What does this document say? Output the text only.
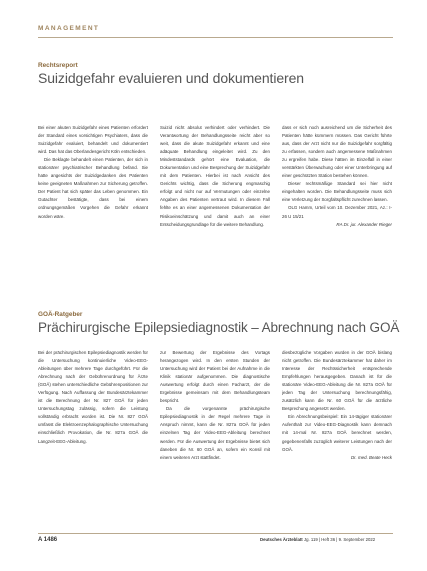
MANAGEMENT
Rechtsreport
Suizidgefahr evaluieren und dokumentieren

Bei einer akuten Suizidgefahr eines Patienten erfordert der Standard eines vorsichtigen Psychiaters, dass die Suizidgefahr evaluiert, behandelt und dokumentiert wird. Das hat das Oberlandesgericht Köln entschieden.

Die Beklagte behandelt einen Patienten, der sich in stationärer psychiatrischer Behandlung befand. Sie hatte angesichts der Suizidgedanken des Patienten keine geeigneten Maßnahmen zur Sicherung getroffen. Der Patient hat sich später das Leben genommen. Ein Gutachter bestätigte, dass bei einem ordnungsgemäßen Vorgehen die Gefahr erkannt worden wäre.

Suizid nicht absolut verhindert oder verhindert. Die Verantwortung der Behandlungsseite reicht aber so weit, dass die akute Suizidgefahr erkannt und eine adäquate Behandlung eingeleitet wird. Zu den Mindeststandards gehört eine Evaluation, die Dokumentation und eine Besprechung der Suizidgefahr mit dem Patienten. Hierbei ist nach Ansicht des Gerichts wichtig, dass die Sicherung engmaschig erfolgt und nicht nur auf Vermutungen oder einzelne Angaben des Patienten vertraut wird. In diesem Fall fehlte es an einer angemessenen Dokumentation der Risikoeinschätzung und damit auch an einer Entscheidungsgrundlage für die weitere Behandlung.

dass er sich noch ausreichend um die Sicherheit des Patienten hätte kümmern müssen. Das Gericht führte aus, dass der Arzt nicht nur die Suizidgefahr sorgfältig zu erfassen, sondern auch angemessene Maßnahmen zu ergreifen habe. Diese hätten im Einzelfall in einer verstärkten Überwachung oder einer Unterbringung auf einer geschützten Station bestehen können.

Dieser rechtsmäßige Standard sei hier nicht eingehalten worden. Die Behandlungsseite muss sich eine Verletzung der Sorgfaltspflicht zurechnen lassen.

OLG Hamm, Urteil vom 10. Dezember 2021, Az.: I-26 U 15/21

RA Dr. jur. Alexander Rieger

GOÄ-Ratgeber
Prächirurgische Epilepsiediagnostik – Abrechnung nach GOÄ

Bei der prächirurgischen Epilepsiediagnostik werden für die Untersuchung kontinuierliche Video-EEG-Ableitungen über mehrere Tage durchgeführt. Für die Abrechnung nach der Gebührenordnung für Ärzte (GOÄ) stehen unterschiedliche Gebührenpositionen zur Verfügung. Nach Auffassung der Bundesärztekammer ist die Berechnung der Nr. 827 GOÄ für jeden Untersuchungstag zulässig, sofern die Leistung vollständig erbracht worden ist. Die Nr. 827 GOÄ umfasst die Elektroenzephalographische Untersuchung einschließlich Provokation, die Nr. 827a GOÄ die Langzeit-EEG-Ableitung.

zur Bewertung der Ergebnisse des Vortags herangezogen wird. In den ersten Stunden der Untersuchung wird der Patient bei der Aufnahme in die Klinik stationär aufgenommen. Die diagnostische Auswertung erfolgt durch einen Facharzt, der die Ergebnisse gemeinsam mit dem Behandlungsteam bespricht.

Da die vorgenannte prächirurgische Epilepsiediagnostik in der Regel mehrere Tage in Anspruch nimmt, kann die Nr. 827a GOÄ für jeden einzelnen Tag der Video-EEG-Ableitung berechnet werden. Für die Auswertung der Ergebnisse bietet sich daneben die Nr. 60 GOÄ an, sofern ein Konsil mit einem weiteren Arzt stattfindet.

diesbezügliche Vorgaben wurden in der GOÄ bislang nicht getroffen. Die Bundesärztekammer hat daher im Interesse der Rechtssicherheit entsprechende Empfehlungen herausgegeben. Danach ist für die stationäre Video-EEG-Ableitung die Nr. 827a GOÄ für jeden Tag der Untersuchung berechnungsfähig, zusätzlich kann die Nr. 60 GOÄ für die ärztliche Besprechung angesetzt werden.

Ein Abrechnungsbeispiel: Ein 14-tägiger stationärer Aufenthalt zur Video-EEG-Diagnostik kann demnach mit 14-mal Nr. 827a GOÄ berechnet werden, gegebenenfalls zuzüglich weiterer Leistungen nach der GOÄ.

Dr. med. Beate Heck

A 1486	Deutsches Ärzteblatt Jg. 119 | Heft 36 | 9. September 2022
